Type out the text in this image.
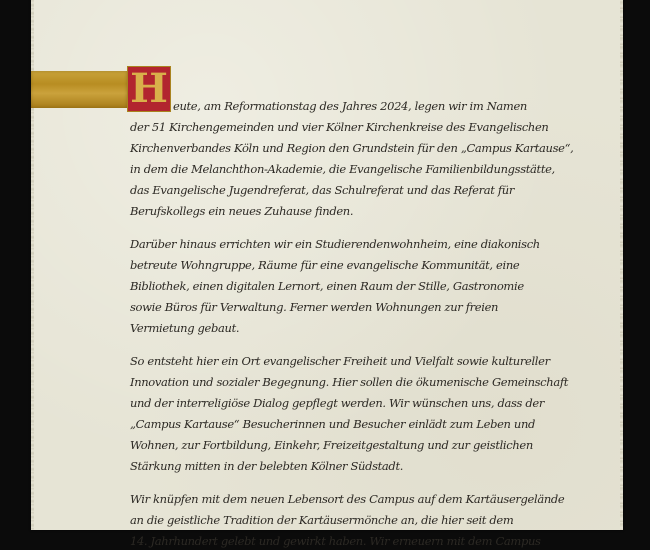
H eute, am Reformationstag des Jahres 2024, legen wir im Namen
der 51 Kirchengemeinden und vier Kölner Kirchenkreise des Evangelischen
Kirchenverbandes Köln und Region den Grundstein für den „Campus Kartause“,
in dem die Melanchthon-Akademie, die Evangelische Familienbildungsstätte,
das Evangelische Jugendreferat, das Schulreferat und das Referat für
Berufskollegs ein neues Zuhause finden.
Darüber hinaus errichten wir ein Studierendenwohnheim, eine diakonisch
betreute Wohngruppe, Räume für eine evangelische Kommunität, eine
Bibliothek, einen digitalen Lernort, einen Raum der Stille, Gastronomie
sowie Büros für Verwaltung. Ferner werden Wohnungen zur freien
Vermietung gebaut.
So entsteht hier ein Ort evangelischer Freiheit und Vielfalt sowie kultureller
Innovation und sozialer Begegnung. Hier sollen die ökumenische Gemeinschaft
und der interreligiöse Dialog gepflegt werden. Wir wünschen uns, dass der
„Campus Kartause“ Besucherinnen und Besucher einlädt zum Leben und
Wohnen, zur Fortbildung, Einkehr, Freizeitgestaltung und zur geistlichen
Stärkung mitten in der belebten Kölner Südstadt.
Wir knüpfen mit dem neuen Lebensort des Campus auf dem Kartäusergelände
an die geistliche Tradition der Kartäusermönche an, die hier seit dem
14. Jahrhundert gelebt und gewirkt haben. Wir erneuern mit dem Campus
